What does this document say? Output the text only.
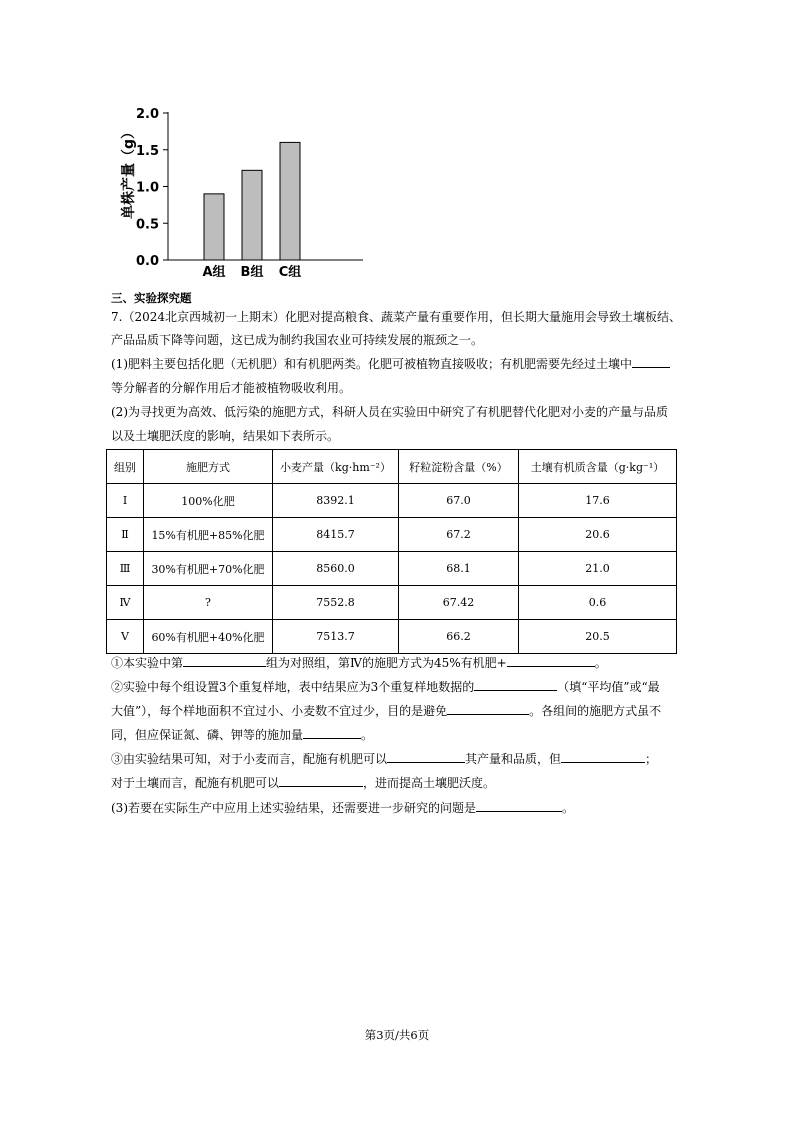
单株产量（g）
0.0
0.5
1.0
1.5
2.0
A组 B组 C组
三、实验探究题
7.（2024北京西城初一上期末）化肥对提高粮食、蔬菜产量有重要作用，但长期大量施用会导致土壤板结、
产品品质下降等问题，这已成为制约我国农业可持续发展的瓶颈之一。
(1)肥料主要包括化肥（无机肥）和有机肥两类。化肥可被植物直接吸收；有机肥需要先经过土壤中
等分解者的分解作用后才能被植物吸收利用。
(2)为寻找更为高效、低污染的施肥方式，科研人员在实验田中研究了有机肥替代化肥对小麦的产量与品质
以及土壤肥沃度的影响，结果如下表所示。
组别	施肥方式	小麦产量（kg·hm⁻²）	籽粒淀粉含量（%）	土壤有机质含量（g·kg⁻¹）
Ⅰ	100%化肥	8392.1	67.0	17.6
Ⅱ	15%有机肥+85%化肥	8415.7	67.2	20.6
Ⅲ	30%有机肥+70%化肥	8560.0	68.1	21.0
Ⅳ	?	7552.8	67.42	0.6
Ⅴ	60%有机肥+40%化肥	7513.7	66.2	20.5
①本实验中第	组为对照组，第Ⅳ的施肥方式为45%有机肥+	。
②实验中每个组设置3个重复样地，表中结果应为3个重复样地数据的	（填“平均值”或“最
大值”），每个样地面积不宜过小、小麦数不宜过少，目的是避免	。各组间的施肥方式虽不
同，但应保证氮、磷、钾等的施加量	。
③由实验结果可知，对于小麦而言，配施有机肥可以	其产量和品质，但	；
对于土壤而言，配施有机肥可以	，进而提高土壤肥沃度。
(3)若要在实际生产中应用上述实验结果，还需要进一步研究的问题是	。
第3页/共6页
